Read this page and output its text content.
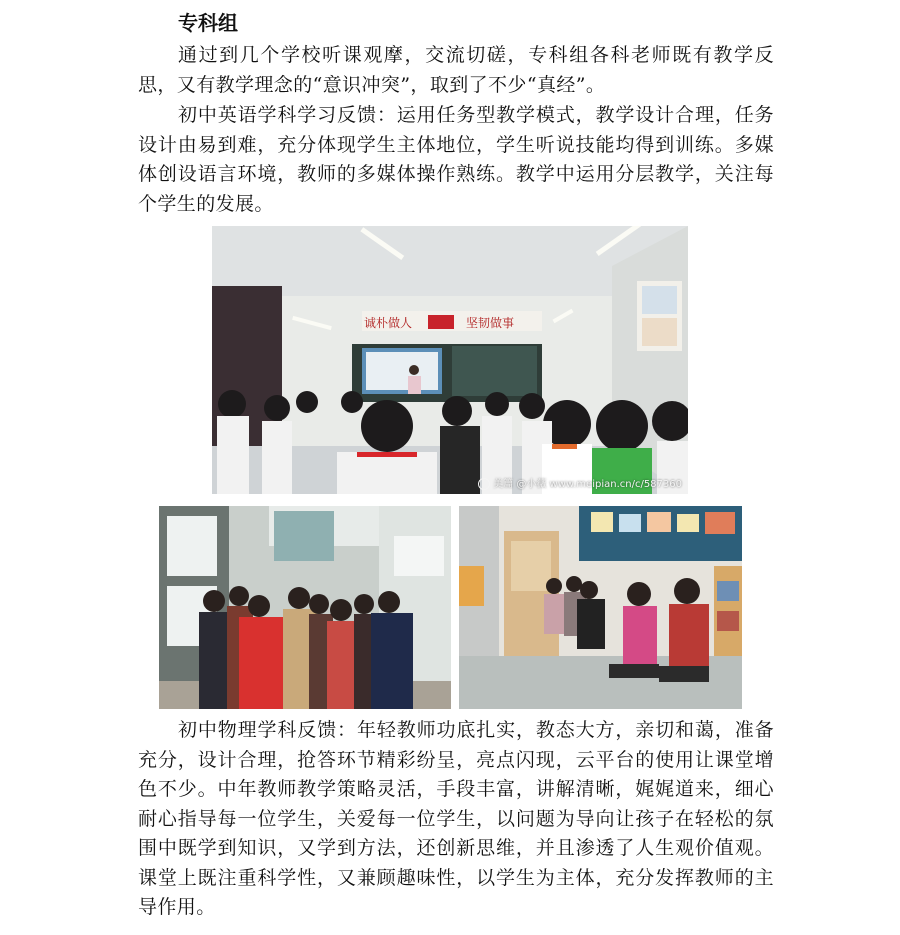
专科组

通过到几个学校听课观摩，交流切磋，专科组各科老师既有教学反思，又有教学理念的“意识冲突”，取到了不少“真经”。

初中英语学科学习反馈：运用任务型教学模式，教学设计合理，任务设计由易到难，充分体现学生主体地位，学生听说技能均得到训练。多媒体创设语言环境，教师的多媒体操作熟练。教学中运用分层教学，关注每个学生的发展。

诚朴做人	坚韧做事
美篇 @小薇 www.meipian.cn/c/587360

初中物理学科反馈：年轻教师功底扎实，教态大方，亲切和蔼，准备充分，设计合理，抢答环节精彩纷呈，亮点闪现，云平台的使用让课堂增色不少。中年教师教学策略灵活，手段丰富，讲解清晰，娓娓道来，细心耐心指导每一位学生，关爱每一位学生，以问题为导向让孩子在轻松的氛围中既学到知识，又学到方法，还创新思维，并且渗透了人生观价值观。课堂上既注重科学性，又兼顾趣味性，以学生为主体，充分发挥教师的主导作用。
